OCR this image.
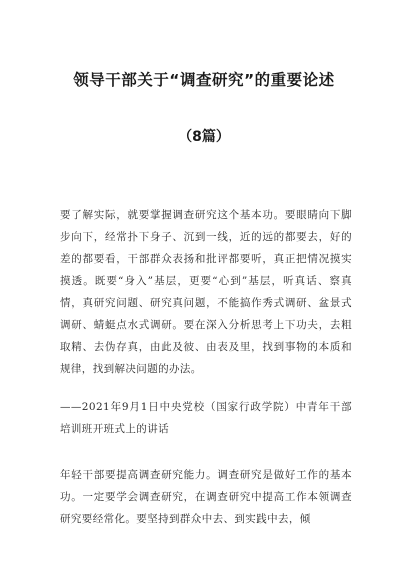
领导干部关于“调查研究”的重要论述
（8篇）

要了解实际，就要掌握调查研究这个基本功。要眼睛向下脚步向下，经常扑下身子、沉到一线，近的远的都要去，好的差的都要看，干部群众表扬和批评都要听，真正把情况摸实摸透。既要“身入”基层，更要“心到”基层，听真话、察真情，真研究问题、研究真问题，不能搞作秀式调研、盆景式调研、蜻蜓点水式调研。要在深入分析思考上下功夫，去粗取精、去伪存真，由此及彼、由表及里，找到事物的本质和规律，找到解决问题的办法。

——2021年9月1日中央党校（国家行政学院）中青年干部培训班开班式上的讲话

年轻干部要提高调查研究能力。调查研究是做好工作的基本功。一定要学会调查研究，在调查研究中提高工作本领调查研究要经常化。要坚持到群众中去、到实践中去，倾
